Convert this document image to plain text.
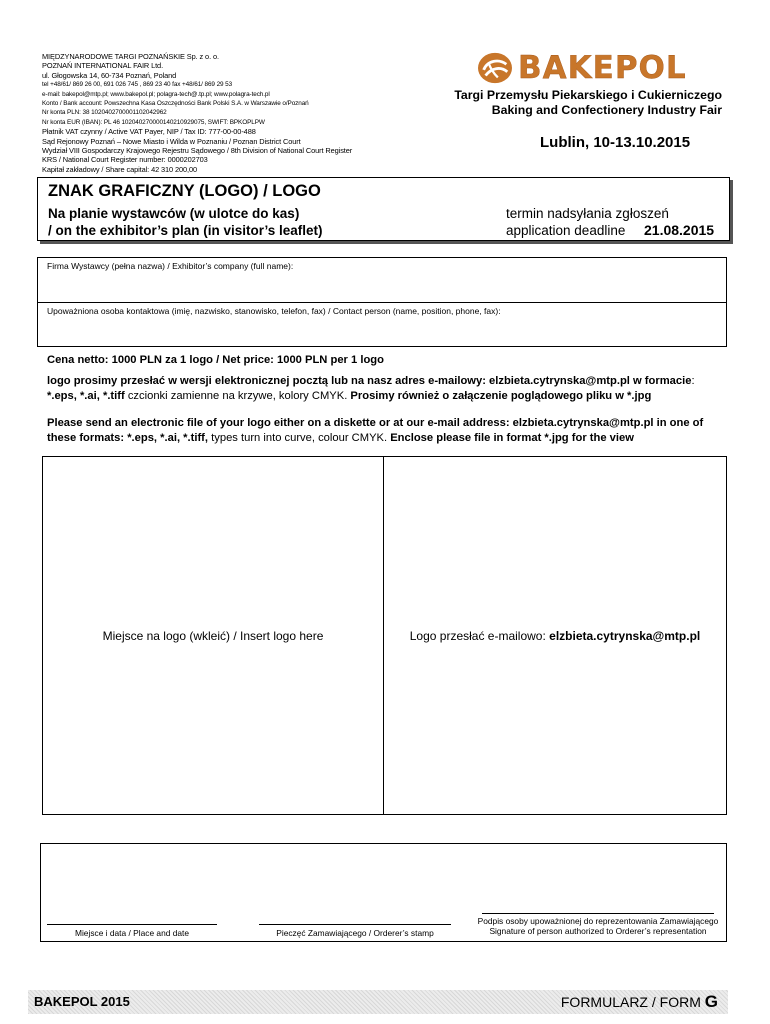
MIĘDZYNARODOWE TARGI POZNAŃSKIE Sp. z o. o.
POZNAŃ INTERNATIONAL FAIR Ltd.
ul. Głogowska 14, 60-734 Poznań, Poland
tel +48/61/ 869 26 00, 691 026 745 , 869 23 40 fax +48/61/ 869 29 53
e-mail: bakepol@mtp.pl; www.bakepol.pl; polagra-tech@.tp.pl; www.polagra-tech.pl
Konto / Bank account: Powszechna Kasa Oszczędności Bank Polski S.A. w Warszawie o/Poznań
Nr konta PLN: 38 1020402700001102042962
Nr konta EUR (IBAN): PL 46 102040270000140210929075, SWIFT: BPKOPLPW
Płatnik VAT czynny / Active VAT Payer, NIP / Tax ID: 777-00-00-488
Sąd Rejonowy Poznań – Nowe Miasto i Wilda w Poznaniu / Poznan District Court
Wydział VIII Gospodarczy Krajowego Rejestru Sądowego / 8th Division of National Court Register
KRS / National Court Register number: 0000202703
Kapitał zakładowy / Share capital: 42 310 200,00
BAKEPOL
Targi Przemysłu Piekarskiego i Cukierniczego
Baking and Confectionery Industry Fair
Lublin, 10-13.10.2015
ZNAK GRAFICZNY (LOGO) / LOGO
Na planie wystawców (w ulotce do kas)
/ on the exhibitor’s plan (in visitor’s leaflet)
termin nadsyłania zgłoszeń
application deadline	21.08.2015
Firma Wystawcy (pełna nazwa) / Exhibitor’s company (full name):
Upoważniona osoba kontaktowa (imię, nazwisko, stanowisko, telefon, fax) / Contact person (name, position, phone, fax):
Cena netto: 1000 PLN za 1 logo / Net price: 1000 PLN per 1 logo
logo prosimy przesłać w wersji elektronicznej pocztą lub na nasz adres e-mailowy: elzbieta.cytrynska@mtp.pl w formacie:
*.eps, *.ai, *.tiff czcionki zamienne na krzywe, kolory CMYK. Prosimy również o załączenie poglądowego pliku w *.jpg
Please send an electronic file of your logo either on a diskette or at our e-mail address: elzbieta.cytrynska@mtp.pl in one of these formats: *.eps, *.ai, *.tiff, types turn into curve, colour CMYK. Enclose please file in format *.jpg for the view
Miejsce na logo (wkleić) / Insert logo here	Logo przesłać e-mailowo: elzbieta.cytrynska@mtp.pl
Miejsce i data / Place and date	Pieczęć Zamawiającego / Orderer’s stamp
Podpis osoby upoważnionej do reprezentowania Zamawiającego
Signature of person authorized to Orderer’s representation
BAKEPOL 2015	FORMULARZ / FORM G
